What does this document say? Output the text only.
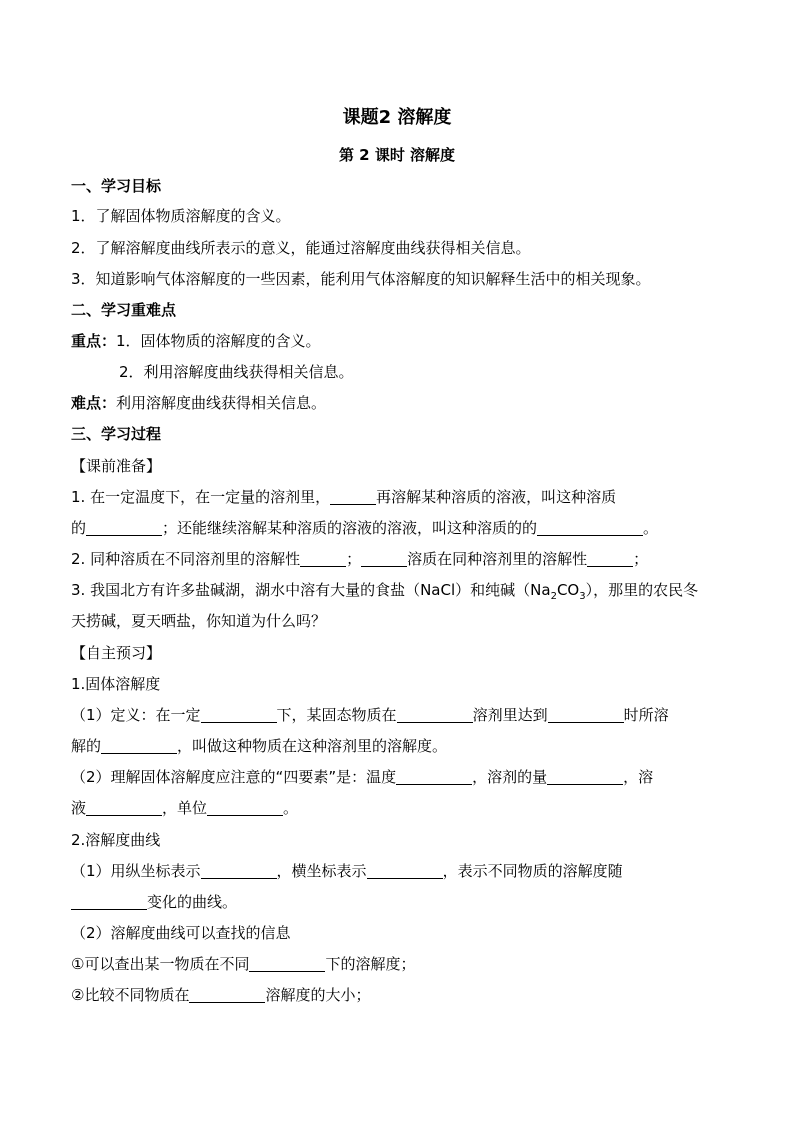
课题2 溶解度
第 2 课时 溶解度
一、学习目标
1．了解固体物质溶解度的含义。
2．了解溶解度曲线所表示的意义，能通过溶解度曲线获得相关信息。
3．知道影响气体溶解度的一些因素，能利用气体溶解度的知识解释生活中的相关现象。
二、学习重难点
重点：1．固体物质的溶解度的含义。
2．利用溶解度曲线获得相关信息。
难点：利用溶解度曲线获得相关信息。
三、学习过程
【课前准备】
1. 在一定温度下，在一定量的溶剂里，	再溶解某种溶质的溶液，叫这种溶质
的	；还能继续溶解某种溶质的溶液的溶液，叫这种溶质的的	。
2. 同种溶质在不同溶剂里的溶解性	；	溶质在同种溶剂里的溶解性	；
3. 我国北方有许多盐碱湖，湖水中溶有大量的食盐（NaCl）和纯碱$(Na_2CO_3)$，那里的农民冬
天捞碱，夏天晒盐，你知道为什么吗？
【自主预习】
1.固体溶解度
（1）定义：在一定	下，某固态物质在	溶剂里达到	时所溶
解的	，叫做这种物质在这种溶剂里的溶解度。
（2）理解固体溶解度应注意的“四要素”是：温度	，溶剂的量	，溶
液	，单位	。
2.溶解度曲线
（1）用纵坐标表示	，横坐标表示	，表示不同物质的溶解度随
变化的曲线。
（2）溶解度曲线可以查找的信息
①可以查出某一物质在不同	下的溶解度；
②比较不同物质在	溶解度的大小；
